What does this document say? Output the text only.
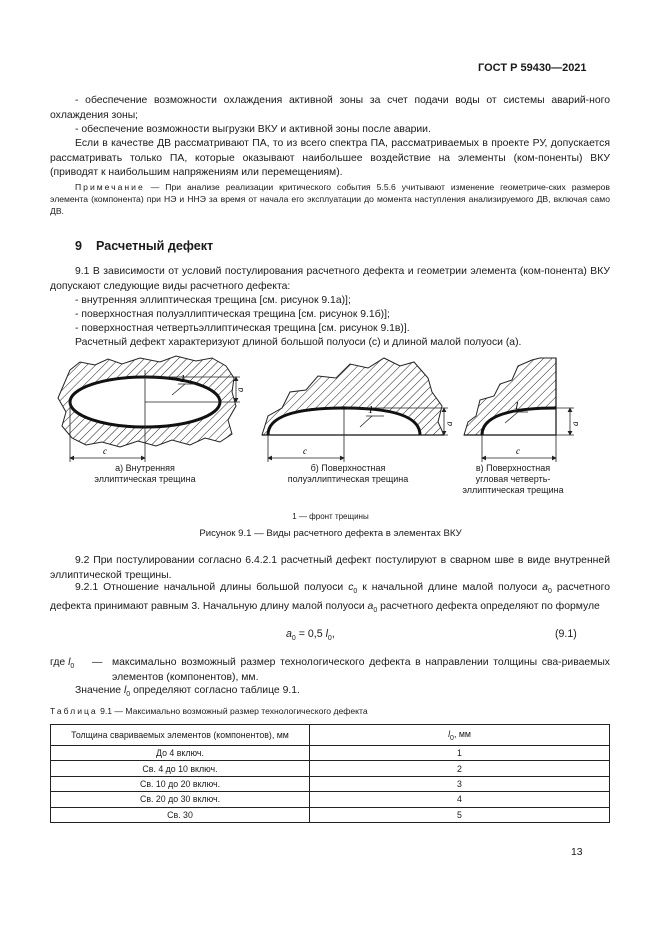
ГОСТ Р 59430—2021
- обеспечение возможности охлаждения активной зоны за счет подачи воды от системы аварий-ного охлаждения зоны;
- обеспечение возможности выгрузки ВКУ и активной зоны после аварии.
Если в качестве ДВ рассматривают ПА, то из всего спектра ПА, рассматриваемых в проекте РУ, допускается рассматривать только ПА, которые оказывают наибольшее воздействие на элементы (ком-поненты) ВКУ (приводят к наибольшим напряжениям или перемещениям).
Примечание — При анализе реализации критического события 5.5.6 учитывают изменение геометриче-ских размеров элемента (компонента) при НЭ и ННЭ за время от начала его эксплуатации до момента наступления анализируемого ДВ, включая само ДВ.
9 Расчетный дефект
9.1 В зависимости от условий постулирования расчетного дефекта и геометрии элемента (ком-понента) ВКУ допускают следующие виды расчетного дефекта:
- внутренняя эллиптическая трещина [см. рисунок 9.1а)];
- поверхностная полуэллиптическая трещина [см. рисунок 9.1б)];
- поверхностная четвертьэллиптическая трещина [см. рисунок 9.1в)].
Расчетный дефект характеризуют длиной большой полуоси (c) и длиной малой полуоси (a).
a
c
1
a
c
1
a
c
1
а) Внутренняя
эллиптическая трещина
б) Поверхностная
полуэллиптическая трещина
в) Поверхностная
угловая четверть-
эллиптическая трещина
1 — фронт трещины
Рисунок 9.1 — Виды расчетного дефекта в элементах ВКУ
9.2 При постулировании согласно 6.4.2.1 расчетный дефект постулируют в сварном шве в виде внутренней эллиптической трещины.
9.2.1 Отношение начальной длины большой полуоси $c_0$ к начальной длине малой полуоси $a_0$ расчетного дефекта принимают равным 3. Начальную длину малой полуоси $a_0$ расчетного дефекта определяют по формуле
$a_0 = 0,5$ $l_0$,	(9.1)
где $l_0$	— максимально возможный размер технологического дефекта в направлении толщины сва-риваемых элементов (компонентов), мм.
Значение $l_0$ определяют согласно таблице 9.1.
Таблица 9.1 — Максимально возможный размер технологического дефекта
Толщина свариваемых элементов (компонентов), мм	$l_0$, мм
До 4 включ.	1
Св. 4 до 10 включ.	2
Св. 10 до 20 включ.	3
Св. 20 до 30 включ.	4
Св. 30	5
13
